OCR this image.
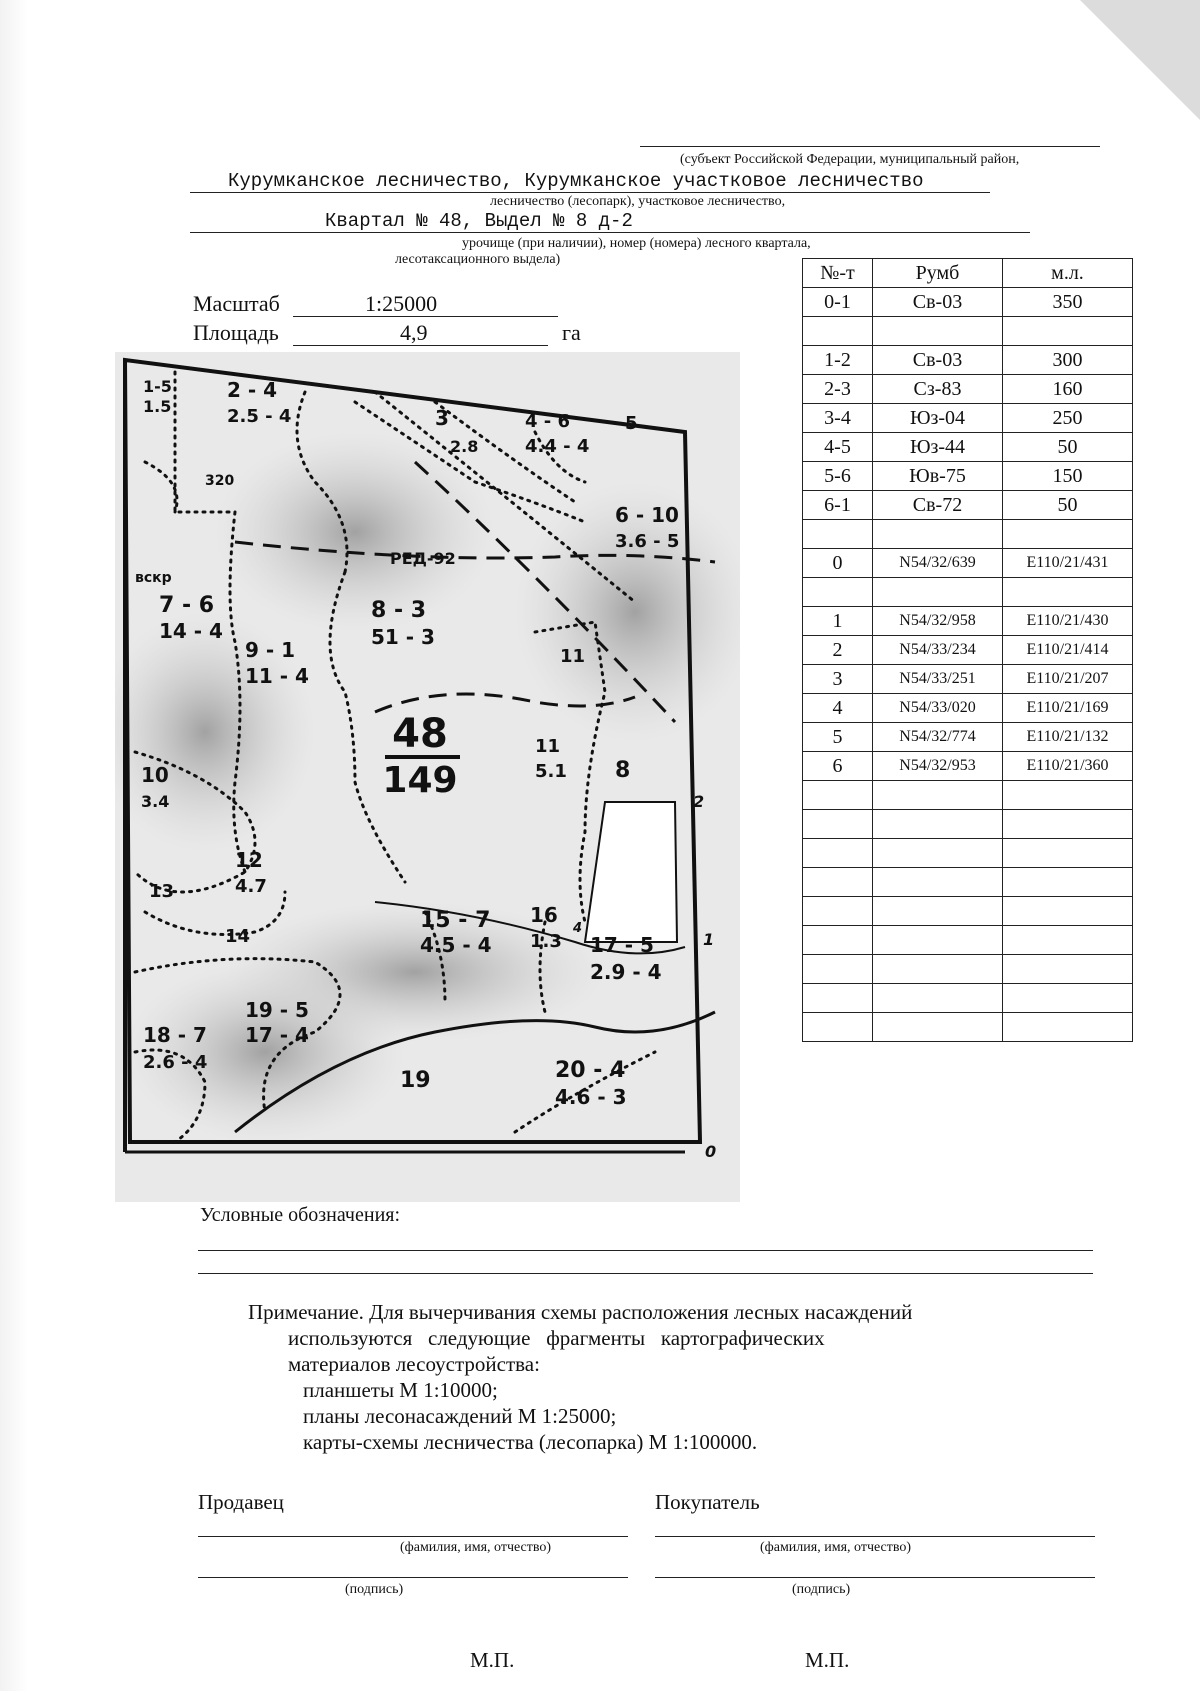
(субъект Российской Федерации, муниципальный район,
Курумканское лесничество, Курумканское участковое лесничество
лесничество (лесопарк), участковое лесничество,
Квартал № 48, Выдел № 8 д-2
урочище (при наличии), номер (номера) лесного квартала,
лесотаксационного выдела)
Масштаб	1:25000
Площадь	4,9	га
№-т	Румб	м.л.
0-1	Св-03	350

1-2	Св-03	300
2-3	Сз-83	160
3-4	Юз-04	250
4-5	Юз-44	50
5-6	Юв-75	150
6-1	Св-72	50

0	N54/32/639	E110/21/431

1	N54/32/958	E110/21/430
2	N54/33/234	E110/21/414
3	N54/33/251	E110/21/207
4	N54/33/020	E110/21/169
5	N54/32/774	E110/21/132
6	N54/32/953	E110/21/360

1-5
1.5
2 - 4
2.5 - 4	3
2.8
4 - 6
4.4 - 4
5
6 - 10
3.6 - 5
7 - 6
14 - 4
8 - 3
51 - 3
9 - 1
11 - 4
10
3.4
11
11
5.1 8
12
4.7
13
14
15 - 7
4.5 - 4
16
1.3 17 - 5
2.9 - 4
18 - 7
2.6 - 4
19 - 5
17 - 4
19	20 - 4
4.6 - 3
320
РЕД-92
вскр
48
149
0
1
2
4
Условные обозначения:
Примечание. Для вычерчивания схемы расположения лесных насаждений
используются   следующие   фрагменты   картографических
материалов лесоустройства:
планшеты М 1:10000;
планы лесонасаждений М 1:25000;
карты-схемы лесничества (лесопарка) М 1:100000.
Продавец
(фамилия, имя, отчество)
(подпись)
М.П.
Покупатель
(фамилия, имя, отчество)
(подпись)
М.П.
